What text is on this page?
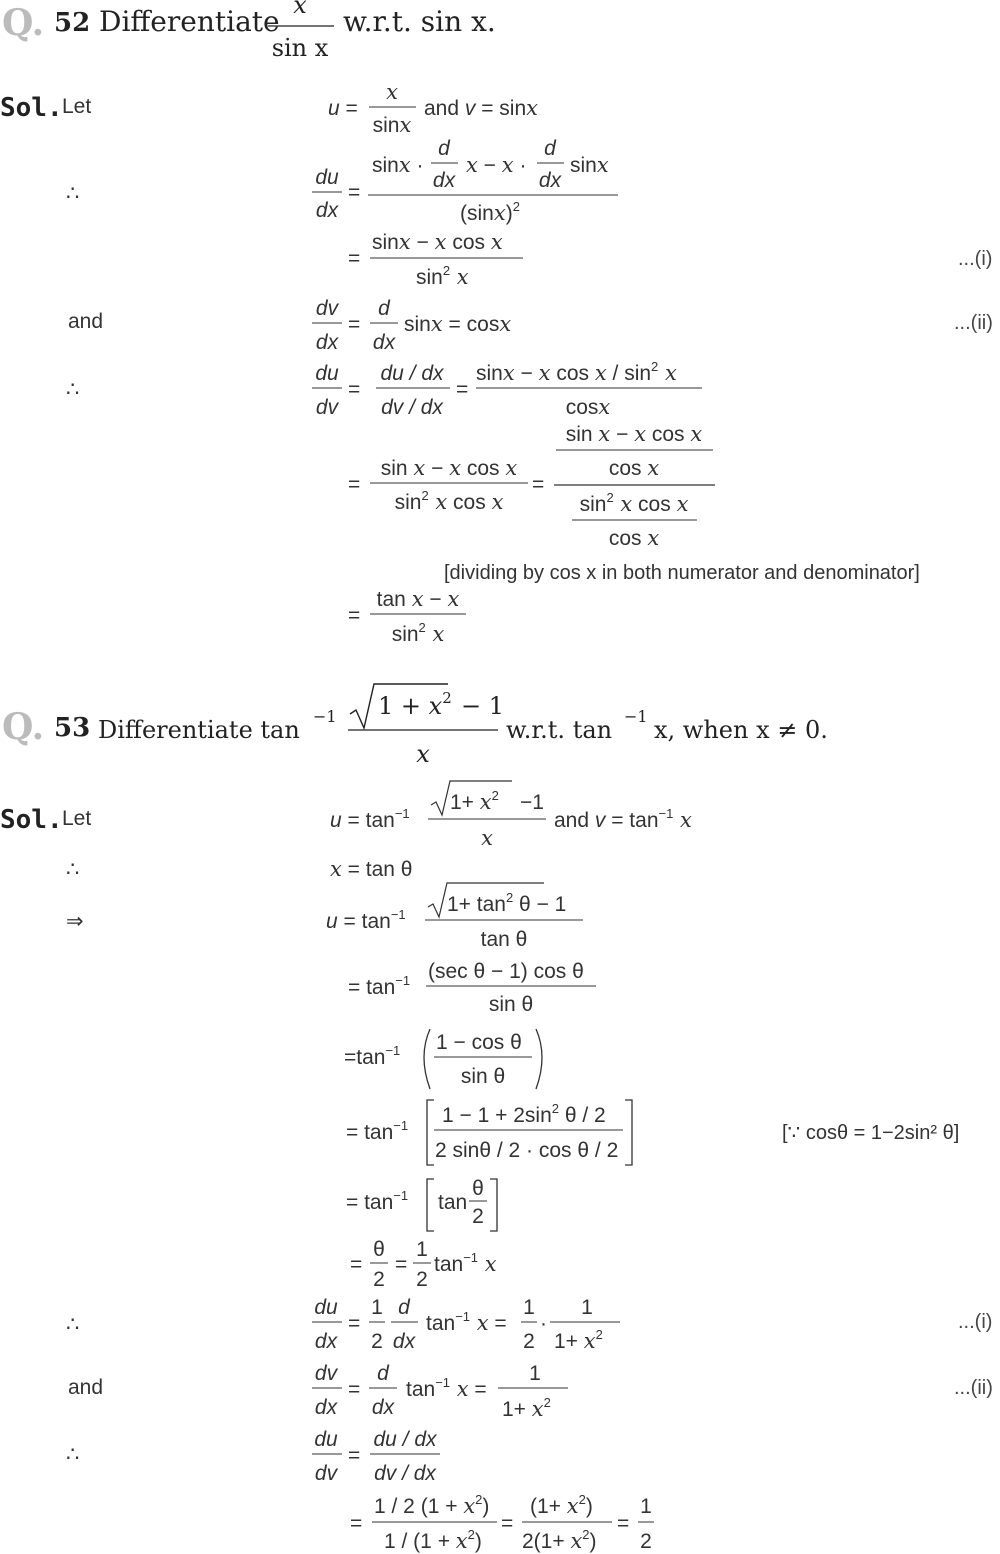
Q. 52 Differentiate w.r.t. sin x.
x
sin x
Sol. Let
∴
and
∴
...(i)
...(ii)
[dividing by cos x in both numerator and denominator]
u =
x
sinx
and v = sinx
du
dx
=
sinx ·
d
dx
x − x ·
d
dx
sinx
$(\sin x)^2$
=
sinx − x cos x
$\sin^2 x$
dv
dx
=
d
dx
sinx = cosx
du
dv
=
du / dx
dv / dx
=
sinx − x cos x / $\sin^2 x$
cosx
=
sin x − x cos x
$\sin^2 x$ cos x
=
sin x − x cos x
cos x
$\sin^2 x$ cos x
cos x
=
tan x − x
$\sin^2 x$
Q. 53 Differentiate tan −1 $1 + x^2 - 1$
x
w.r.t. tan −1 x, when x ≠ 0.
Sol. Let
∴
⇒
∴
and
∴
[∵ cosθ = 1−2sin² θ]
...(i)
...(ii)
$u = \tan^{-1} 1+ x^2 -1$
x
and $v = \tan^{-1} x$
x = tan θ
$u = \tan^{-1} 1+ \tan^2 \theta - 1$
tan θ
= $\tan^{-1} (\sec$ θ − 1) cos θ
sin θ
$=\tan^{-1}$ 1 − cos θ
sin θ
= $\tan^{-1} 1 - 1 + 2\sin^2$ θ / 2
2 sinθ / 2 · cos θ / 2
= $\tan^{-1} \tan$
θ
2
=
θ
2
=
1
2
$\tan^{-1} x$
du
dx
=
1
2
d
dx
$\tan^{-1} x$ =
1
2
·
1
$1+ x^2$
dv
dx
=
d
dx
$\tan^{-1} x$ =
1
$1+ x^2$
du
dv
=
du / dx
dv / dx
=
1 / 2 $(1 + x^2)$
$1 / (1 + x^2)$
=
$(1+ x^2)$
$2(1+ x^2)$
=
1
2
